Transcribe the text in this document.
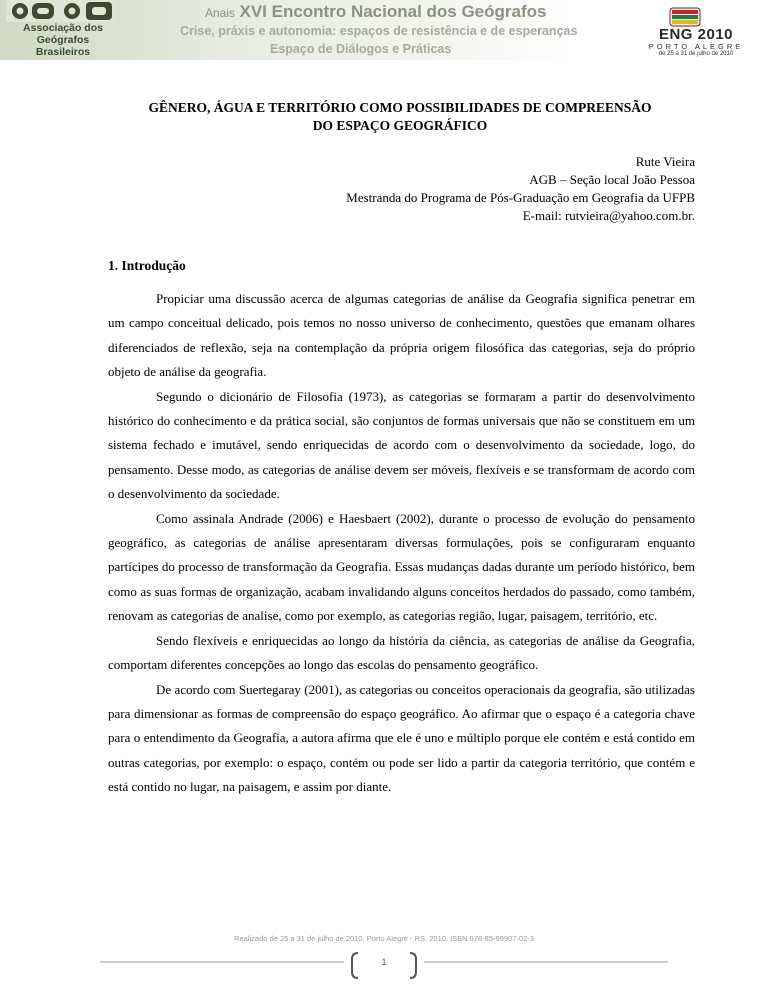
Associação dos
Geógrafos
Brasileiros
Anais XVI Encontro Nacional dos Geógrafos
Crise, práxis e autonomia: espaços de resistência e de esperanças
Espaço de Diálogos e Práticas
ENG 2010
PORTO ALEGRE
de 25 a 31 de julho de 2010
GÊNERO, ÁGUA E TERRITÓRIO COMO POSSIBILIDADES DE COMPREENSÃO
DO ESPAÇO GEOGRÁFICO
Rute Vieira
AGB – Seção local João Pessoa
Mestranda do Programa de Pós-Graduação em Geografia da UFPB
E-mail: rutvieira@yahoo.com.br.
1. Introdução

Propiciar uma discussão acerca de algumas categorias de análise da Geografia significa penetrar em um campo conceitual delicado, pois temos no nosso universo de conhecimento, questões que emanam olhares diferenciados de reflexão, seja na contemplação da própria origem filosófica das categorias, seja do próprio objeto de análise da geografia.

Segundo o dicionário de Filosofia (1973), as categorias se formaram a partir do desenvolvimento histórico do conhecimento e da prática social, são conjuntos de formas universais que não se constituem em um sistema fechado e imutável, sendo enriquecidas de acordo com o desenvolvimento da sociedade, logo, do pensamento. Desse modo, as categorias de análise devem ser móveis, flexíveis e se transformam de acordo com o desenvolvimento da sociedade.

Como assinala Andrade (2006) e Haesbaert (2002), durante o processo de evolução do pensamento geográfico, as categorias de análise apresentaram diversas formulações, pois se configuraram enquanto partícipes do processo de transformação da Geografia. Essas mudanças dadas durante um período histórico, bem como as suas formas de organização, acabam invalidando alguns conceitos herdados do passado, como também, renovam as categorias de analise, como por exemplo, as categorias região, lugar, paisagem, território, etc.

Sendo flexíveis e enriquecidas ao longo da história da ciência, as categorias de análise da Geografia, comportam diferentes concepções ao longo das escolas do pensamento geográfico.

De acordo com Suertegaray (2001), as categorias ou conceitos operacionais da geografia, são utilizadas para dimensionar as formas de compreensão do espaço geográfico. Ao afirmar que o espaço é a categoria chave para o entendimento da Geografia, a autora afirma que ele é uno e múltiplo porque ele contém e está contido em outras categorias, por exemplo: o espaço, contém ou pode ser lido a partir da categoria território, que contém e está contido no lugar, na paisagem, e assim por diante.

Realizado de 25 a 31 de julho de 2010. Porto Alegre - RS, 2010. ISBN 978-85-99907-02-3
1
